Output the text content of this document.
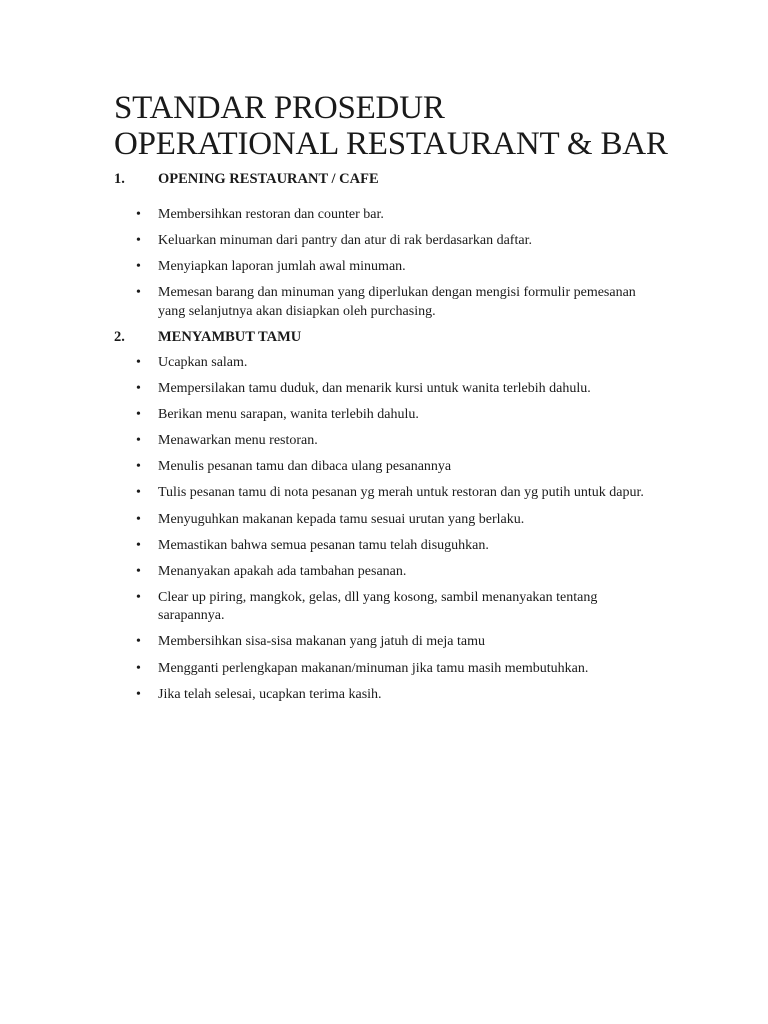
STANDAR PROSEDUR
OPERATIONAL RESTAURANT & BAR
1. OPENING RESTAURANT / CAFE
• Membersihkan restoran dan counter bar.
• Keluarkan minuman dari pantry dan atur di rak berdasarkan daftar.
• Menyiapkan laporan jumlah awal minuman.
• Memesan barang dan minuman yang diperlukan dengan mengisi formulir pemesanan yang selanjutnya akan disiapkan oleh purchasing.
2. MENYAMBUT TAMU
• Ucapkan salam.
• Mempersilakan tamu duduk, dan menarik kursi untuk wanita terlebih dahulu.
• Berikan menu sarapan, wanita terlebih dahulu.
• Menawarkan menu restoran.
• Menulis pesanan tamu dan dibaca ulang pesanannya
• Tulis pesanan tamu di nota pesanan yg merah untuk restoran dan yg putih untuk dapur.
• Menyuguhkan makanan kepada tamu sesuai urutan yang berlaku.
• Memastikan bahwa semua pesanan tamu telah disuguhkan.
• Menanyakan apakah ada tambahan pesanan.
• Clear up piring, mangkok, gelas, dll yang kosong, sambil menanyakan tentang sarapannya.
• Membersihkan sisa-sisa makanan yang jatuh di meja tamu
• Mengganti perlengkapan makanan/minuman jika tamu masih membutuhkan.
• Jika telah selesai, ucapkan terima kasih.
